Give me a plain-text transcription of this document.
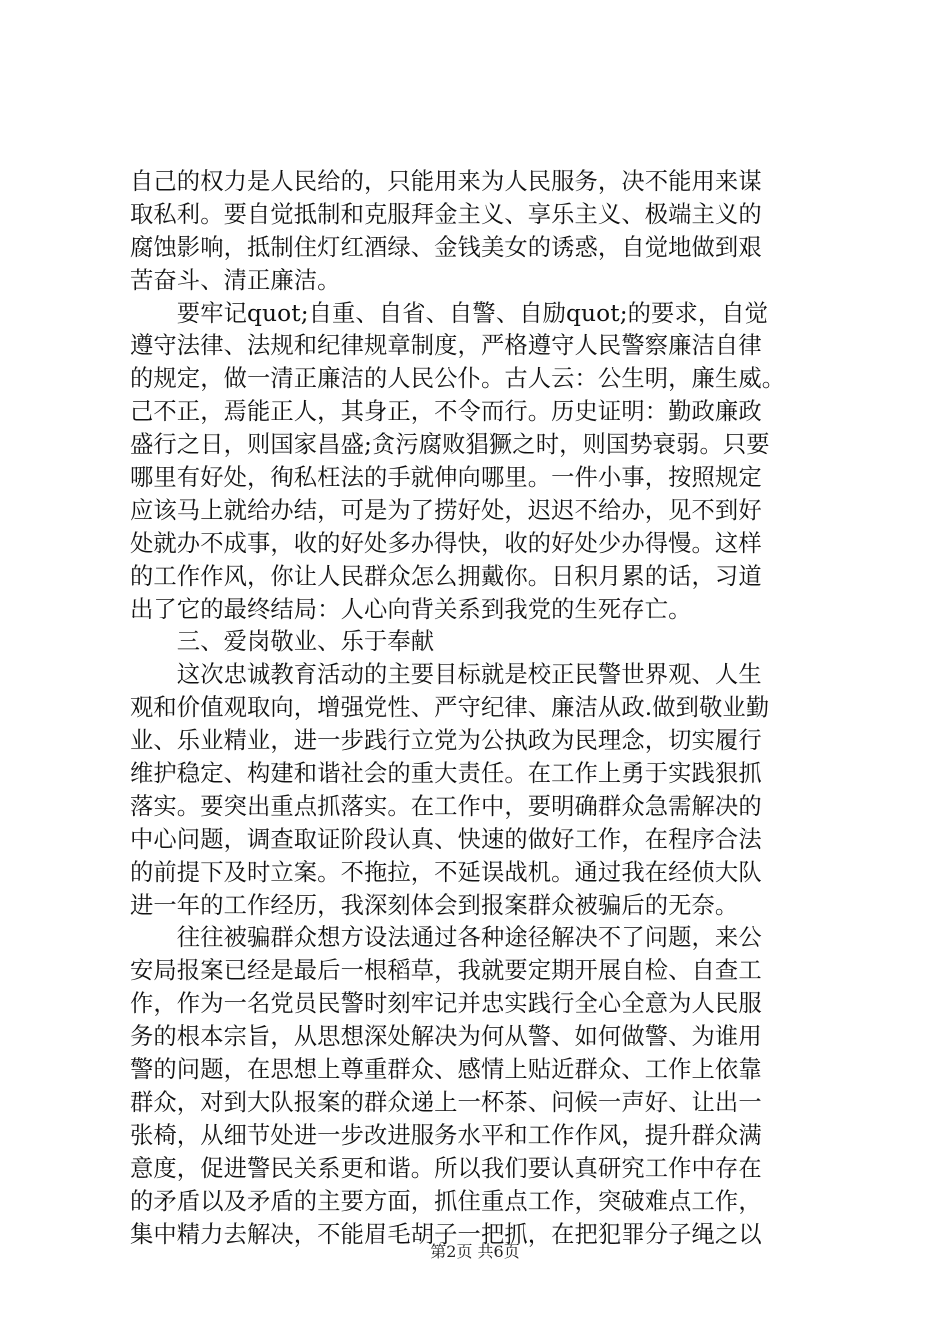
自己的权力是人民给的，只能用来为人民服务，决不能用来谋
取私利。要自觉抵制和克服拜金主义、享乐主义、极端主义的
腐蚀影响，抵制住灯红酒绿、金钱美女的诱惑，自觉地做到艰
苦奋斗、清正廉洁。
　　要牢记quot;自重、自省、自警、自励quot;的要求，自觉
遵守法律、法规和纪律规章制度，严格遵守人民警察廉洁自律
的规定，做一清正廉洁的人民公仆。古人云：公生明，廉生威。
己不正，焉能正人，其身正，不令而行。历史证明：勤政廉政
盛行之日，则国家昌盛;贪污腐败猖獗之时，则国势衰弱。只要
哪里有好处，徇私枉法的手就伸向哪里。一件小事，按照规定
应该马上就给办结，可是为了捞好处，迟迟不给办，见不到好
处就办不成事，收的好处多办得快，收的好处少办得慢。这样
的工作作风，你让人民群众怎么拥戴你。日积月累的话，习道
出了它的最终结局：人心向背关系到我党的生死存亡。
　　三、爱岗敬业、乐于奉献
　　这次忠诚教育活动的主要目标就是校正民警世界观、人生
观和价值观取向，增强党性、严守纪律、廉洁从政.做到敬业勤
业、乐业精业，进一步践行立党为公执政为民理念，切实履行
维护稳定、构建和谐社会的重大责任。在工作上勇于实践狠抓
落实。要突出重点抓落实。在工作中，要明确群众急需解决的
中心问题，调查取证阶段认真、快速的做好工作，在程序合法
的前提下及时立案。不拖拉，不延误战机。通过我在经侦大队
进一年的工作经历，我深刻体会到报案群众被骗后的无奈。
　　往往被骗群众想方设法通过各种途径解决不了问题，来公
安局报案已经是最后一根稻草，我就要定期开展自检、自查工
作，作为一名党员民警时刻牢记并忠实践行全心全意为人民服
务的根本宗旨，从思想深处解决为何从警、如何做警、为谁用
警的问题，在思想上尊重群众、感情上贴近群众、工作上依靠
群众，对到大队报案的群众递上一杯茶、问候一声好、让出一
张椅，从细节处进一步改进服务水平和工作作风，提升群众满
意度，促进警民关系更和谐。所以我们要认真研究工作中存在
的矛盾以及矛盾的主要方面，抓住重点工作，突破难点工作，
集中精力去解决，不能眉毛胡子一把抓，在把犯罪分子绳之以
第2页 共6页
